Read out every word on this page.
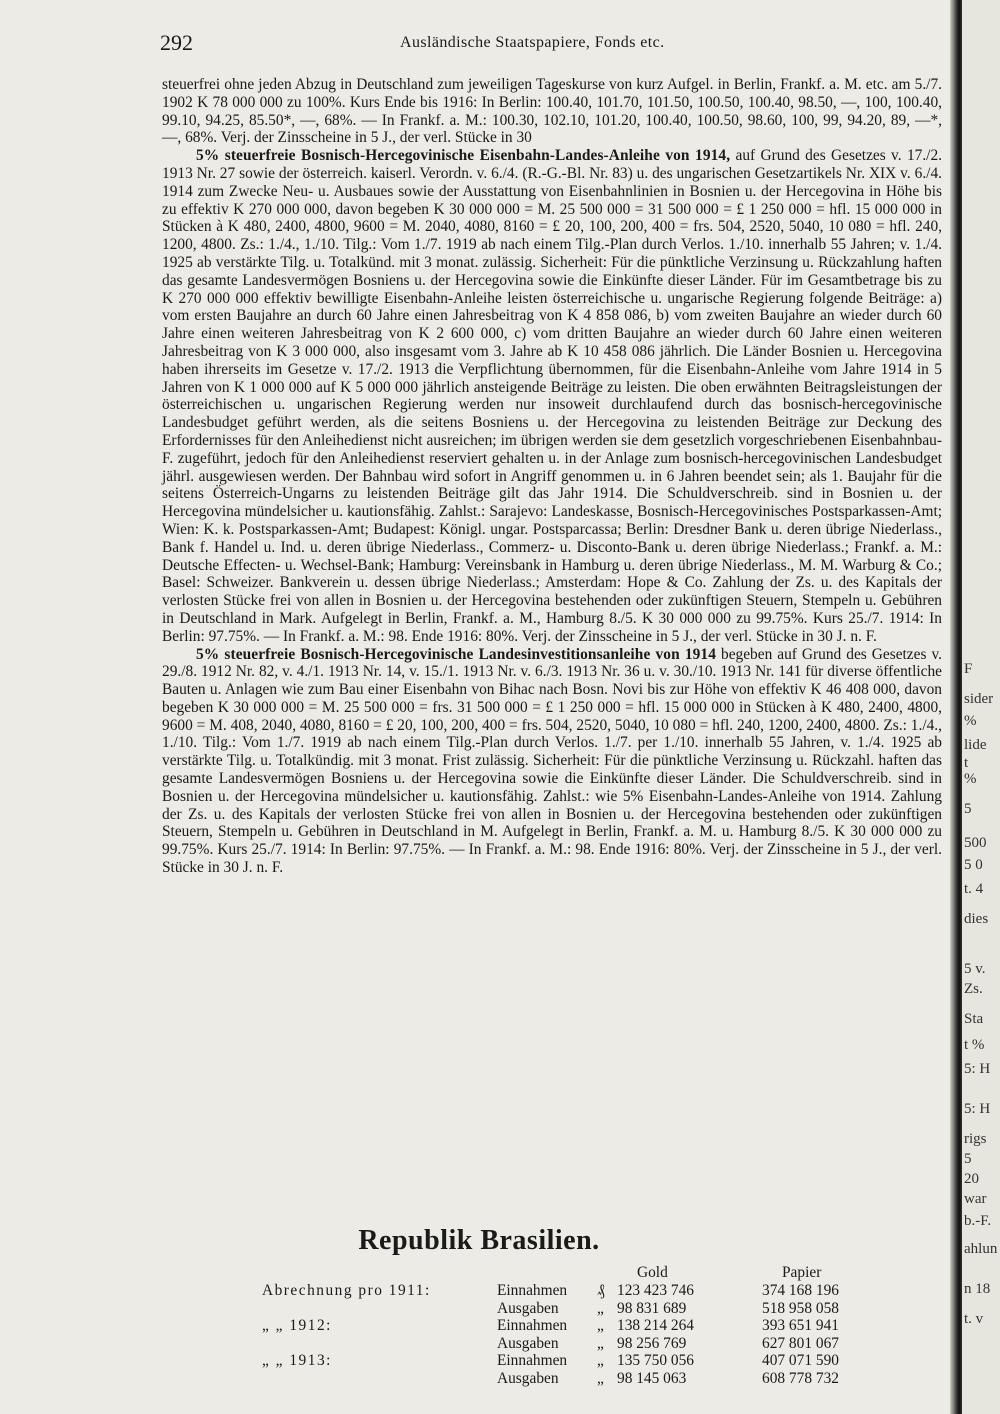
292	Ausländische Staatspapiere, Fonds etc.

steuerfrei ohne jeden Abzug in Deutschland zum jeweiligen Tageskurse von kurz Aufgel. in Berlin, Frankf. a. M. etc. am 5./7. 1902 K 78 000 000 zu 100%. Kurs Ende bis 1916: In Berlin: 100.40, 101.70, 101.50, 100.50, 100.40, 98.50, —, 100, 100.40, 99.10, 94.25, 85.50*, —, 68%. — In Frankf. a. M.: 100.30, 102.10, 101.20, 100.40, 100.50, 98.60, 100, 99, 94.20, 89, —*, —, 68%. Verj. der Zinsscheine in 5 J., der verl. Stücke in 30

5% steuerfreie Bosnisch-Hercegovinische Eisenbahn-Landes-Anleihe von 1914, auf Grund des Gesetzes v. 17./2. 1913 Nr. 27 sowie der österreich. kaiserl. Verordn. v. 6./4. (R.-G.-Bl. Nr. 83) u. des ungarischen Gesetzartikels Nr. XIX v. 6./4. 1914 zum Zwecke Neu- u. Ausbaues sowie der Ausstattung von Eisenbahnlinien in Bosnien u. der Hercegovina in Höhe bis zu effektiv K 270 000 000, davon begeben K 30 000 000 = M. 25 500 000 = 31 500 000 = £ 1 250 000 = hfl. 15 000 000 in Stücken à K 480, 2400, 4800, 9600 = M. 2040, 4080, 8160 = £ 20, 100, 200, 400 = frs. 504, 2520, 5040, 10 080 = hfl. 240, 1200, 4800. Zs.: 1./4., 1./10. Tilg.: Vom 1./7. 1919 ab nach einem Tilg.-Plan durch Verlos. 1./10. innerhalb 55 Jahren; v. 1./4. 1925 ab verstärkte Tilg. u. Totalkünd. mit 3 monat. zulässig. Sicherheit: Für die pünktliche Verzinsung u. Rückzahlung haften das gesamte Landesvermögen Bosniens u. der Hercegovina sowie die Einkünfte dieser Länder. Für im Gesamtbetrage bis zu K 270 000 000 effektiv bewilligte Eisenbahn-Anleihe leisten österreichische u. ungarische Regierung folgende Beiträge: a) vom ersten Baujahre an durch 60 Jahre einen Jahresbeitrag von K 4 858 086, b) vom zweiten Baujahre an wieder durch 60 Jahre einen weiteren Jahresbeitrag von K 2 600 000, c) vom dritten Baujahre an wieder durch 60 Jahre einen weiteren Jahresbeitrag von K 3 000 000, also insgesamt vom 3. Jahre ab K 10 458 086 jährlich. Die Länder Bosnien u. Hercegovina haben ihrerseits im Gesetze v. 17./2. 1913 die Verpflichtung übernommen, für die Eisenbahn-Anleihe vom Jahre 1914 in 5 Jahren von K 1 000 000 auf K 5 000 000 jährlich ansteigende Beiträge zu leisten. Die oben erwähnten Beitragsleistungen der österreichischen u. ungarischen Regierung werden nur insoweit durchlaufend durch das bosnisch-hercegovinische Landesbudget geführt werden, als die seitens Bosniens u. der Hercegovina zu leistenden Beiträge zur Deckung des Erfordernisses für den Anleihedienst nicht ausreichen; im übrigen werden sie dem gesetzlich vorgeschriebenen Eisenbahnbau-F. zugeführt, jedoch für den Anleihedienst reserviert gehalten u. in der Anlage zum bosnisch-hercegovinischen Landesbudget jährl. ausgewiesen werden. Der Bahnbau wird sofort in Angriff genommen u. in 6 Jahren beendet sein; als 1. Baujahr für die seitens Österreich-Ungarns zu leistenden Beiträge gilt das Jahr 1914. Die Schuldverschreib. sind in Bosnien u. der Hercegovina mündelsicher u. kautionsfähig. Zahlst.: Sarajevo: Landeskasse, Bosnisch-Hercegovinisches Postsparkassen-Amt; Wien: K. k. Postsparkassen-Amt; Budapest: Königl. ungar. Postsparcassa; Berlin: Dresdner Bank u. deren übrige Niederlass., Bank f. Handel u. Ind. u. deren übrige Niederlass., Commerz- u. Disconto-Bank u. deren übrige Niederlass.; Frankf. a. M.: Deutsche Effecten- u. Wechsel-Bank; Hamburg: Vereinsbank in Hamburg u. deren übrige Niederlass., M. M. Warburg & Co.; Basel: Schweizer. Bankverein u. dessen übrige Niederlass.; Amsterdam: Hope & Co. Zahlung der Zs. u. des Kapitals der verlosten Stücke frei von allen in Bosnien u. der Hercegovina bestehenden oder zukünftigen Steuern, Stempeln u. Gebühren in Deutschland in Mark. Aufgelegt in Berlin, Frankf. a. M., Hamburg 8./5. K 30 000 000 zu 99.75%. Kurs 25./7. 1914: In Berlin: 97.75%. — In Frankf. a. M.: 98. Ende 1916: 80%. Verj. der Zinsscheine in 5 J., der verl. Stücke in 30 J. n. F.

5% steuerfreie Bosnisch-Hercegovinische Landesinvestitionsanleihe von 1914 begeben auf Grund des Gesetzes v. 29./8. 1912 Nr. 82, v. 4./1. 1913 Nr. 14, v. 15./1. 1913 Nr. v. 6./3. 1913 Nr. 36 u. v. 30./10. 1913 Nr. 141 für diverse öffentliche Bauten u. Anlagen wie zum Bau einer Eisenbahn von Bihac nach Bosn. Novi bis zur Höhe von effektiv K 46 408 000, davon begeben K 30 000 000 = M. 25 500 000 = frs. 31 500 000 = £ 1 250 000 = hfl. 15 000 000 in Stücken à K 480, 2400, 4800, 9600 = M. 408, 2040, 4080, 8160 = £ 20, 100, 200, 400 = frs. 504, 2520, 5040, 10 080 = hfl. 240, 1200, 2400, 4800. Zs.: 1./4., 1./10. Tilg.: Vom 1./7. 1919 ab nach einem Tilg.-Plan durch Verlos. 1./7. per 1./10. innerhalb 55 Jahren, v. 1./4. 1925 ab verstärkte Tilg. u. Totalkündig. mit 3 monat. Frist zulässig. Sicherheit: Für die pünktliche Verzinsung u. Rückzahl. haften das gesamte Landesvermögen Bosniens u. der Hercegovina sowie die Einkünfte dieser Länder. Die Schuldverschreib. sind in Bosnien u. der Hercegovina mündelsicher u. kautionsfähig. Zahlst.: wie 5% Eisenbahn-Landes-Anleihe von 1914. Zahlung der Zs. u. des Kapitals der verlosten Stücke frei von allen in Bosnien u. der Hercegovina bestehenden oder zukünftigen Steuern, Stempeln u. Gebühren in Deutschland in M. Aufgelegt in Berlin, Frankf. a. M. u. Hamburg 8./5. K 30 000 000 zu 99.75%. Kurs 25./7. 1914: In Berlin: 97.75%. — In Frankf. a. M.: 98. Ende 1916: 80%. Verj. der Zinsscheine in 5 J., der verl. Stücke in 30 J. n. F.

Republik Brasilien.
Gold	Papier
Abrechnung pro 1911:	Einnahmen ₰ 123 423 746	374 168 196
Ausgaben „ 98 831 689	518 958 058
„ „ 1912:	Einnahmen „ 138 214 264	393 651 941
Ausgaben „ 98 256 769	627 801 067
„ „ 1913:	Einnahmen „ 135 750 056	407 071 590
Ausgaben „ 98 145 063	608 778 732
F
sider
%
lide
t
%
5
500
5 0
t. 4
dies
5 v.
Zs.
Sta
t %
5: H
5: H
rigs
5
20
war
b.-F.
ahlun
n 18
t. v
